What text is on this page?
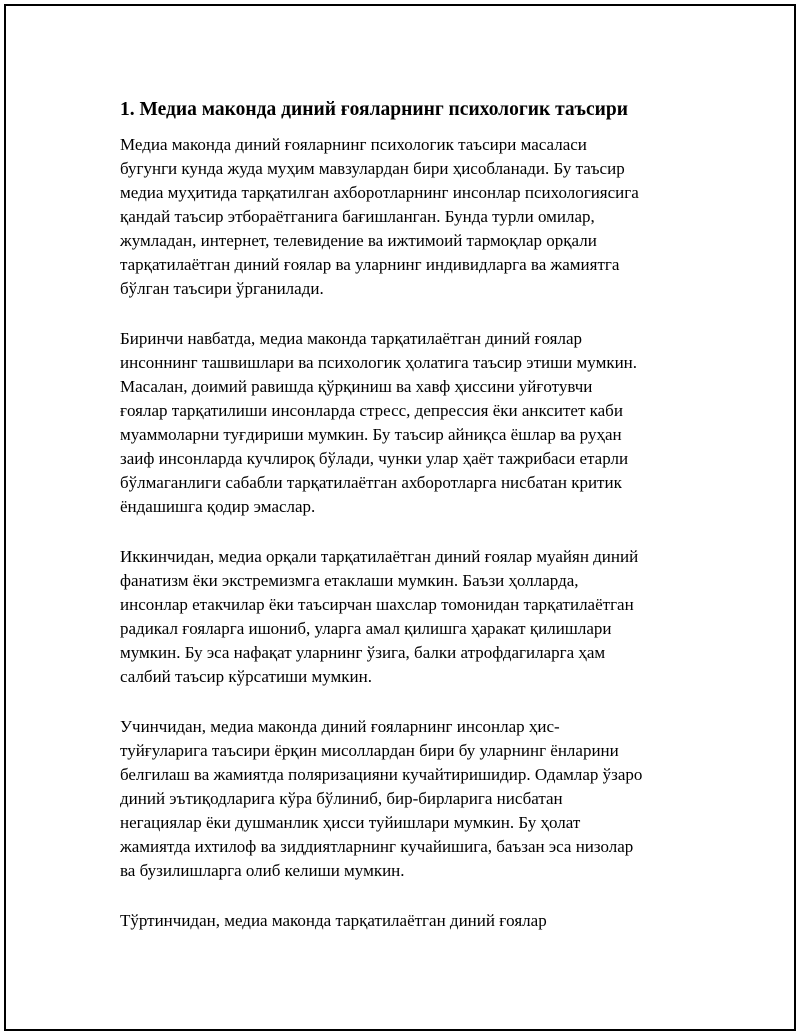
1. Медиа маконда диний ғояларнинг психологик таъсири

Медиа маконда диний ғояларнинг психологик таъсири масаласи
бугунги кунда жуда муҳим мавзулардан бири ҳисобланади. Бу таъсир
медиа муҳитида тарқатилган ахборотларнинг инсонлар психологиясига
қандай таъсир этбораётганига бағишланган. Бунда турли омилар,
жумладан, интернет, телевидение ва ижтимоий тармоқлар орқали
тарқатилаётган диний ғоялар ва уларнинг индивидларга ва жамиятга
бўлган таъсири ўрганилади.

Биринчи навбатда, медиа маконда тарқатилаётган диний ғоялар
инсоннинг ташвишлари ва психологик ҳолатига таъсир этиши мумкин.
Масалан, доимий равишда қўрқиниш ва хавф ҳиссини уйғотувчи
ғоялар тарқатилиши инсонларда стресс, депрессия ёки анкситет каби
муаммоларни туғдириши мумкин. Бу таъсир айниқса ёшлар ва руҳан
заиф инсонларда кучлироқ бўлади, чунки улар ҳаёт тажрибаси етарли
бўлмаганлиги сабабли тарқатилаётган ахборотларга нисбатан критик
ёндашишга қодир эмаслар.

Иккинчидан, медиа орқали тарқатилаётган диний ғоялар муайян диний
фанатизм ёки экстремизмга етаклаши мумкин. Баъзи ҳолларда,
инсонлар етакчилар ёки таъсирчан шахслар томонидан тарқатилаётган
радикал ғояларга ишониб, уларга амал қилишга ҳаракат қилишлари
мумкин. Бу эса нафақат уларнинг ўзига, балки атрофдагиларга ҳам
салбий таъсир кўрсатиши мумкин.

Учинчидан, медиа маконда диний ғояларнинг инсонлар ҳис-
туйғуларига таъсири ёрқин мисоллардан бири бу уларнинг ёнларини
белгилаш ва жамиятда поляризацияни кучайтиришидир. Одамлар ўзаро
диний эътиқодларига кўра бўлиниб, бир-бирларига нисбатан
негациялар ёки душманлик ҳисси туйишлари мумкин. Бу ҳолат
жамиятда ихтилоф ва зиддиятларнинг кучайишига, баъзан эса низолар
ва бузилишларга олиб келиши мумкин.

Тўртинчидан, медиа маконда тарқатилаётган диний ғоялар
